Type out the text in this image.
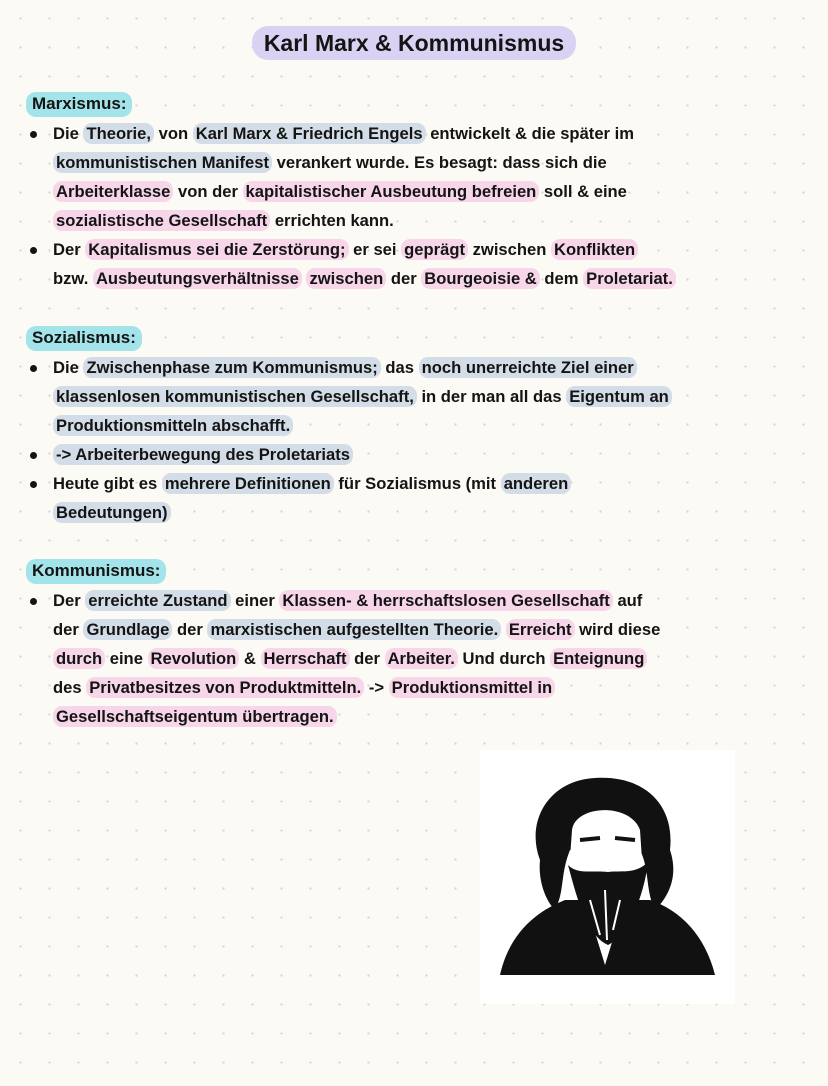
Karl Marx & Kommunismus
Marxismus:
Die Theorie, von Karl Marx & Friedrich Engels entwickelt & die später im
kommunistischen Manifest verankert wurde. Es besagt: dass sich die
Arbeiterklasse von der kapitalistischer Ausbeutung befreien soll & eine
sozialistische Gesellschaft errichten kann.
Der Kapitalismus sei die Zerstörung; er sei geprägt zwischen Konflikten
bzw. Ausbeutungsverhältnisse zwischen der Bourgeoisie & dem Proletariat.
Sozialismus:
Die Zwischenphase zum Kommunismus; das noch unerreichte Ziel einer
klassenlosen kommunistischen Gesellschaft, in der man all das Eigentum an
Produktionsmitteln abschafft.
-> Arbeiterbewegung des Proletariats
Heute gibt es mehrere Definitionen für Sozialismus (mit anderen
Bedeutungen)
Kommunismus:
Der erreichte Zustand einer Klassen- & herrschaftslosen Gesellschaft auf
der Grundlage der marxistischen aufgestellten Theorie. Erreicht wird diese
durch eine Revolution & Herrschaft der Arbeiter. Und durch Enteignung
des Privatbesitzes von Produktmitteln. -> Produktionsmittel in
Gesellschaftseigentum übertragen.
